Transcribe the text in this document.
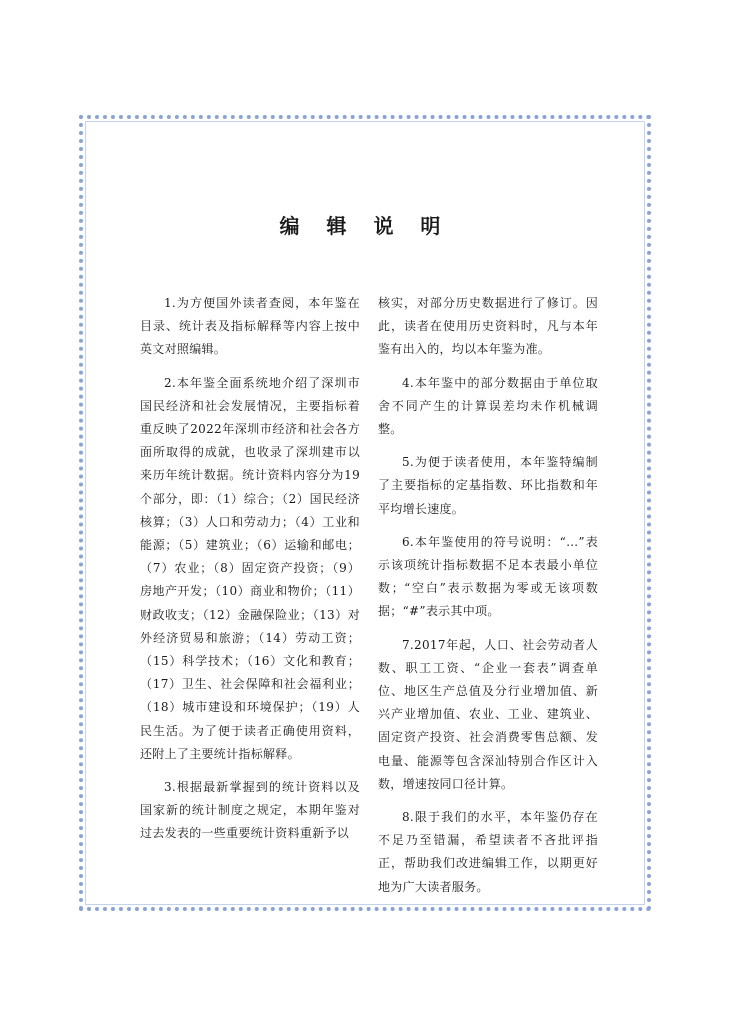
编 辑 说 明

1.为方便国外读者查阅，本年鉴在目录、统计表及指标解释等内容上按中英文对照编辑。

2.本年鉴全面系统地介绍了深圳市国民经济和社会发展情况，主要指标着重反映了2022年深圳市经济和社会各方面所取得的成就，也收录了深圳建市以来历年统计数据。统计资料内容分为19个部分，即：（1）综合；（2）国民经济核算；（3）人口和劳动力；（4）工业和能源；（5）建筑业；（6）运输和邮电；（7）农业；（8）固定资产投资；（9）房地产开发；（10）商业和物价；（11）财政收支；（12）金融保险业；（13）对外经济贸易和旅游；（14）劳动工资；（15）科学技术；（16）文化和教育；（17）卫生、社会保障和社会福利业；（18）城市建设和环境保护；（19）人民生活。为了便于读者正确使用资料，还附上了主要统计指标解释。

3.根据最新掌握到的统计资料以及国家新的统计制度之规定，本期年鉴对过去发表的一些重要统计资料重新予以

核实，对部分历史数据进行了修订。因此，读者在使用历史资料时，凡与本年鉴有出入的，均以本年鉴为准。

4.本年鉴中的部分数据由于单位取舍不同产生的计算误差均未作机械调整。

5.为便于读者使用，本年鉴特编制了主要指标的定基指数、环比指数和年平均增长速度。

6.本年鉴使用的符号说明：“…”表示该项统计指标数据不足本表最小单位数；“空白”表示数据为零或无该项数据；“#”表示其中项。

7.2017年起，人口、社会劳动者人数、职工工资、“企业一套表”调查单位、地区生产总值及分行业增加值、新兴产业增加值、农业、工业、建筑业、固定资产投资、社会消费零售总额、发电量、能源等包含深汕特别合作区计入数，增速按同口径计算。

8.限于我们的水平，本年鉴仍存在不足乃至错漏，希望读者不吝批评指正，帮助我们改进编辑工作，以期更好地为广大读者服务。
